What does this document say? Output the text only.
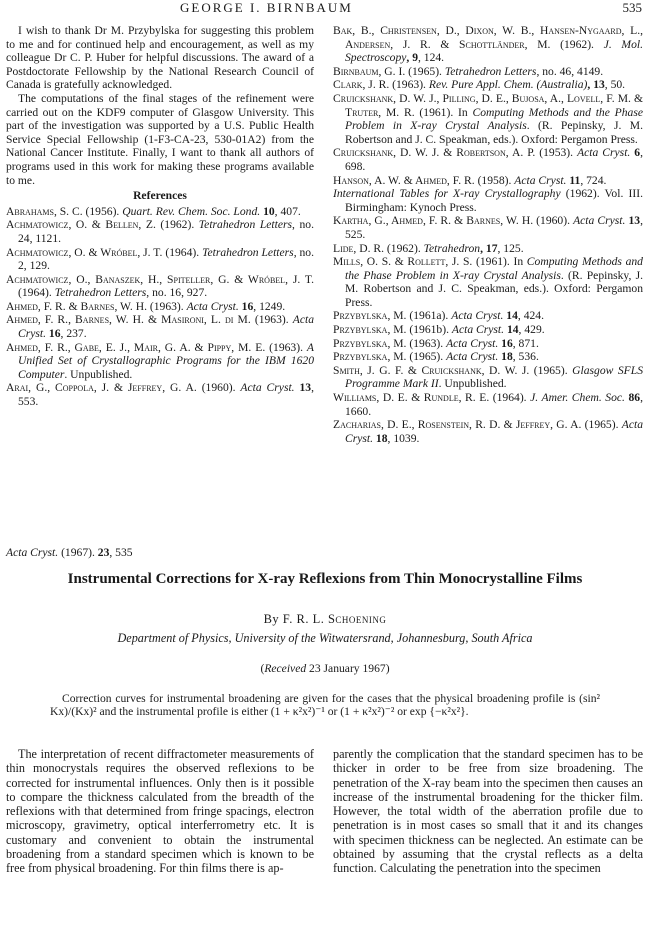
GEORGE I. BIRNBAUM	535

I wish to thank Dr M. Przybylska for suggesting this problem to me and for continued help and encouragement, as well as my colleague Dr C. P. Huber for helpful discussions. The award of a Postdoctorate Fellowship by the National Research Council of Canada is gratefully acknowledged.

The computations of the final stages of the refinement were carried out on the KDF9 computer of Glasgow University. This part of the investigation was supported by a U.S. Public Health Service Special Fellowship (1-F3-CA-23, 530-01A2) from the National Cancer Institute. Finally, I want to thank all authors of programs used in this work for making these programs available to me.

References
Abrahams, S. C. (1956). Quart. Rev. Chem. Soc. Lond. 10, 407.
Achmatowicz, O. & Bellen, Z. (1962). Tetrahedron Letters, no. 24, 1121.
Achmatowicz, O. & Wróbel, J. T. (1964). Tetrahedron Letters, no. 2, 129.
Achmatowicz, O., Banaszek, H., Spiteller, G. & Wróbel, J. T. (1964). Tetrahedron Letters, no. 16, 927.
Ahmed, F. R. & Barnes, W. H. (1963). Acta Cryst. 16, 1249.
Ahmed, F. R., Barnes, W. H. & Masironi, L. di M. (1963). Acta Cryst. 16, 237.
Ahmed, F. R., Gabe, E. J., Mair, G. A. & Pippy, M. E. (1963). A Unified Set of Crystallographic Programs for the IBM 1620 Computer. Unpublished.
Arai, G., Coppola, J. & Jeffrey, G. A. (1960). Acta Cryst. 13, 553.
Bak, B., Christensen, D., Dixon, W. B., Hansen-Nygaard, L., Andersen, J. R. & Schottländer, M. (1962). J. Mol. Spectroscopy, 9, 124.
Birnbaum, G. I. (1965). Tetrahedron Letters, no. 46, 4149.
Clark, J. R. (1963). Rev. Pure Appl. Chem. (Australia), 13, 50.
Cruickshank, D. W. J., Pilling, D. E., Bujosa, A., Lovell, F. M. & Truter, M. R. (1961). In Computing Methods and the Phase Problem in X-ray Crystal Analysis. (R. Pepinsky, J. M. Robertson and J. C. Speakman, eds.). Oxford: Pergamon Press.
Cruickshank, D. W. J. & Robertson, A. P. (1953). Acta Cryst. 6, 698.
Hanson, A. W. & Ahmed, F. R. (1958). Acta Cryst. 11, 724.
International Tables for X-ray Crystallography (1962). Vol. III. Birmingham: Kynoch Press.
Kartha, G., Ahmed, F. R. & Barnes, W. H. (1960). Acta Cryst. 13, 525.
Lide, D. R. (1962). Tetrahedron, 17, 125.
Mills, O. S. & Rollett, J. S. (1961). In Computing Methods and the Phase Problem in X-ray Crystal Analysis. (R. Pepinsky, J. M. Robertson and J. C. Speakman, eds.). Oxford: Pergamon Press.
Przybylska, M. (1961a). Acta Cryst. 14, 424.
Przybylska, M. (1961b). Acta Cryst. 14, 429.
Przybylska, M. (1963). Acta Cryst. 16, 871.
Przybylska, M. (1965). Acta Cryst. 18, 536.
Smith, J. G. F. & Cruickshank, D. W. J. (1965). Glasgow SFLS Programme Mark II. Unpublished.
Williams, D. E. & Rundle, R. E. (1964). J. Amer. Chem. Soc. 86, 1660.
Zacharias, D. E., Rosenstein, R. D. & Jeffrey, G. A. (1965). Acta Cryst. 18, 1039.
Acta Cryst. (1967). 23, 535
Instrumental Corrections for X-ray Reflexions from Thin Monocrystalline Films
By F. R. L. Schoening
Department of Physics, University of the Witwatersrand, Johannesburg, South Africa
(Received 23 January 1967)

Correction curves for instrumental broadening are given for the cases that the physical broadening profile is (sin² Kx)/(Kx)² and the instrumental profile is either (1 + κ²x²)⁻¹ or (1 + κ²x²)⁻² or exp {−κ²x²}.

The interpretation of recent diffractometer measurements of thin monocrystals requires the observed reflexions to be corrected for instrumental influences. Only then is it possible to compare the thickness calculated from the breadth of the reflexions with that determined from fringe spacings, electron microscopy, gravimetry, optical interferrometry etc. It is customary and convenient to obtain the instrumental broadening from a standard specimen which is known to be free from physical broadening. For thin films there is ap-

parently the complication that the standard specimen has to be thicker in order to be free from size broadening. The penetration of the X-ray beam into the specimen then causes an increase of the instrumental broadening for the thicker film. However, the total width of the aberration profile due to penetration is in most cases so small that it and its changes with specimen thickness can be neglected. An estimate can be obtained by assuming that the crystal reflects as a delta function. Calculating the penetration into the specimen
